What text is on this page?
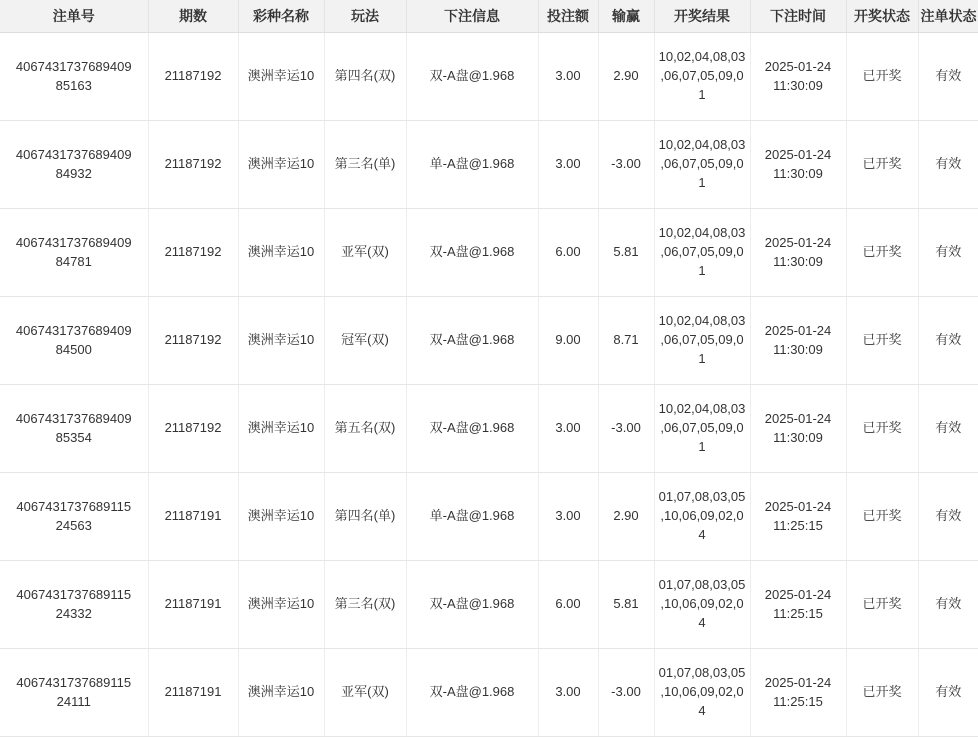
注单号	期数	彩种名称	玩法	下注信息	投注额	输赢	开奖结果	下注时间	开奖状态	注单状态
4067431737689409 85163	21187192	澳洲幸运10	第四名(双)	双-A盘@1.968	3.00	2.90	10,02,04,08,03,06,07,05,09,01	2025-01-24 11:30:09	已开奖	有效
4067431737689409 84932	21187192	澳洲幸运10	第三名(单)	单-A盘@1.968	3.00	-3.00	10,02,04,08,03,06,07,05,09,01	2025-01-24 11:30:09	已开奖	有效
4067431737689409 84781	21187192	澳洲幸运10	亚军(双)	双-A盘@1.968	6.00	5.81	10,02,04,08,03,06,07,05,09,01	2025-01-24 11:30:09	已开奖	有效
4067431737689409 84500	21187192	澳洲幸运10	冠军(双)	双-A盘@1.968	9.00	8.71	10,02,04,08,03,06,07,05,09,01	2025-01-24 11:30:09	已开奖	有效
4067431737689409 85354	21187192	澳洲幸运10	第五名(双)	双-A盘@1.968	3.00	-3.00	10,02,04,08,03,06,07,05,09,01	2025-01-24 11:30:09	已开奖	有效
4067431737689115 24563	21187191	澳洲幸运10	第四名(单)	单-A盘@1.968	3.00	2.90	01,07,08,03,05,10,06,09,02,04	2025-01-24 11:25:15	已开奖	有效
4067431737689115 24332	21187191	澳洲幸运10	第三名(双)	双-A盘@1.968	6.00	5.81	01,07,08,03,05,10,06,09,02,04	2025-01-24 11:25:15	已开奖	有效
4067431737689115 24111	21187191	澳洲幸运10	亚军(双)	双-A盘@1.968	3.00	-3.00	01,07,08,03,05,10,06,09,02,04	2025-01-24 11:25:15	已开奖	有效
